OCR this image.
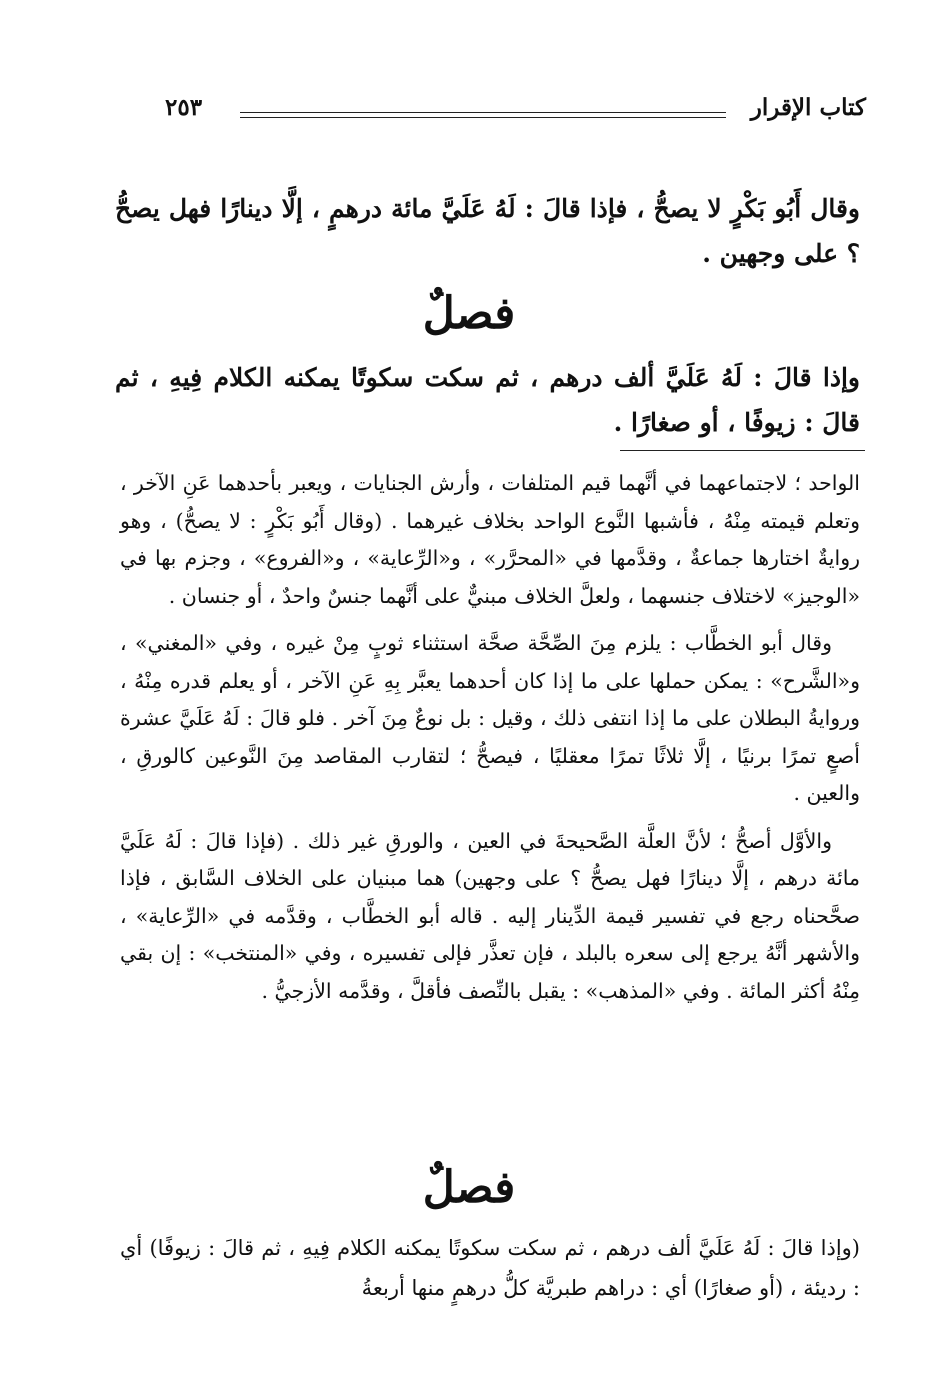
كتاب الإقرار
٢٥٣
وقال أَبُو بَكْرٍ لا يصحُّ ، فإذا قالَ : لَهُ عَلَيَّ مائة درهمٍ ، إلَّا دينارًا فهل يصحُّ ؟ على وجهين .
فصلٌ
وإذا قالَ : لَهُ عَلَيَّ ألف درهم ، ثم سكت سكوتًا يمكنه الكلام فِيهِ ، ثم قالَ : زيوفًا ، أو صغارًا .

الواحد ؛ لاجتماعهما في أنَّهما قيم المتلفات ، وأرش الجنايات ، ويعبر بأحدهما عَنِ الآخر ، وتعلم قيمته مِنْهُ ، فأشبها النَّوع الواحد بخلاف غيرهما . (وقال أَبُو بَكْرٍ : لا يصحُّ) ، وهو روايةٌ اختارها جماعةٌ ، وقدَّمها في «المحرَّر» ، و«الرِّعاية» ، و«الفروع» ، وجزم بها في «الوجيز» لاختلاف جنسهما ، ولعلَّ الخلاف مبنيٌّ على أنَّهما جنسٌ واحدٌ ، أو جنسان .

وقال أبو الخطَّاب : يلزم مِنَ الصِّحَّة صحَّة استثناء ثوبٍ مِنْ غيره ، وفي «المغني» ، و«الشَّرح» : يمكن حملها على ما إذا كان أحدهما يعبَّر بِهِ عَنِ الآخر ، أو يعلم قدره مِنْهُ ، وروايةُ البطلان على ما إذا انتفى ذلك ، وقيل : بل نوعٌ مِنَ آخر . فلو قالَ : لَهُ عَلَيَّ عشرة أصعٍ تمرًا برنيًا ، إلَّا ثلاثًا تمرًا معقليًا ، فيصحُّ ؛ لتقارب المقاصد مِنَ النَّوعين كالورقِ ، والعين .

والأوَّل أصحُّ ؛ لأنَّ العلَّة الصَّحيحةَ في العين ، والورقِ غير ذلك . (فإذا قالَ : لَهُ عَلَيَّ مائة درهم ، إلَّا دينارًا فهل يصحُّ ؟ على وجهين) هما مبنيان على الخلاف السَّابق ، فإذا صحَّحناه رجع في تفسير قيمة الدِّينار إليه . قاله أبو الخطَّاب ، وقدَّمه في «الرِّعاية» ، والأشهر أنَّهُ يرجع إلى سعره بالبلد ، فإن تعذَّر فإلى تفسيره ، وفي «المنتخب» : إن بقي مِنْهُ أكثر المائة . وفي «المذهب» : يقبل بالنِّصف فأقلَّ ، وقدَّمه الأزجيُّ .

فصلٌ
(وإذا قالَ : لَهُ عَلَيَّ ألف درهم ، ثم سكت سكوتًا يمكنه الكلام فِيهِ ، ثم قالَ : زيوفًا) أي : رديئة ، (أو صغارًا) أي : دراهم طبريَّة كلُّ درهمٍ منها أربعةُ
